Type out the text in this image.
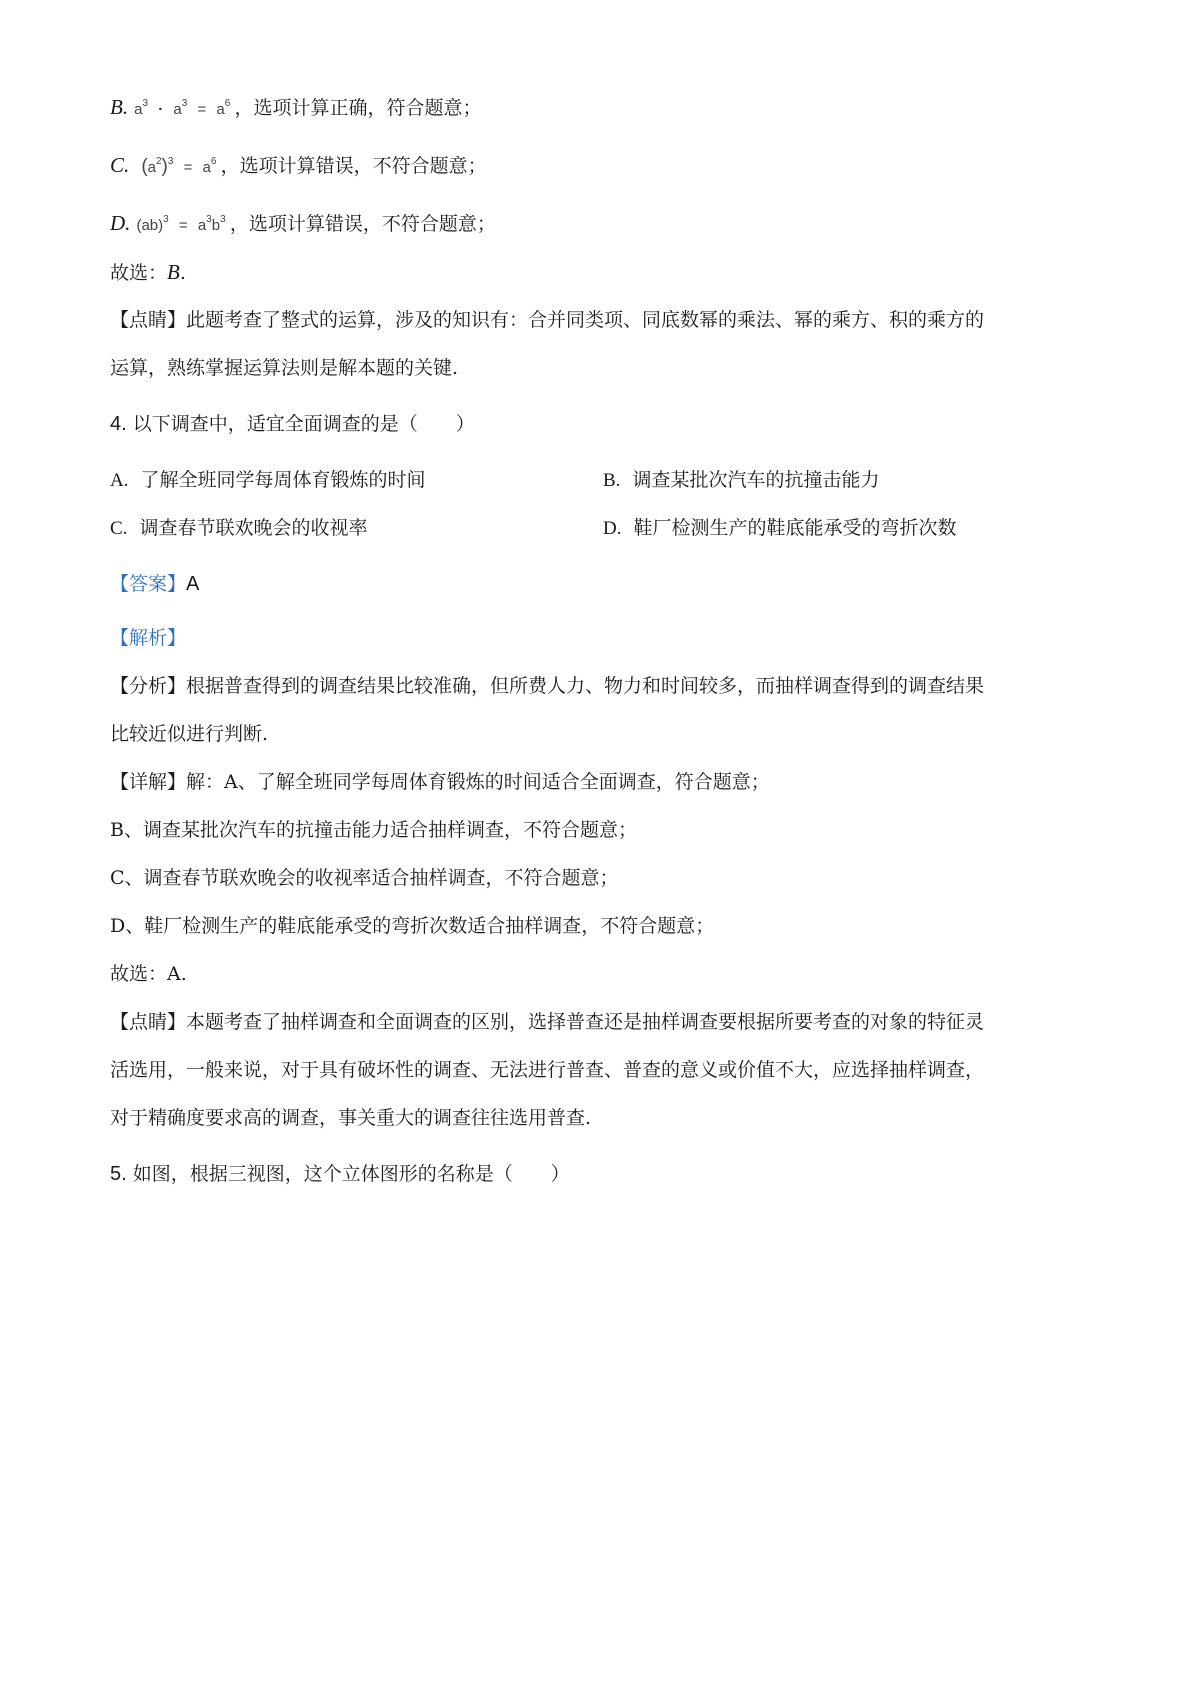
B. $a^3 \cdot a^3 = a^6$ ，选项计算正确，符合题意；
C. $(a^2)^3 = a^6$ ，选项计算错误，不符合题意；
D. $(ab)^3 = a^3b^3$ ，选项计算错误，不符合题意；
故选：B.
【点睛】此题考查了整式的运算，涉及的知识有：合并同类项、同底数幂的乘法、幂的乘方、积的乘方的
运算，熟练掌握运算法则是解本题的关键.
4. 以下调查中，适宜全面调查的是（　　）
A. 了解全班同学每周体育锻炼的时间	B. 调查某批次汽车的抗撞击能力
C. 调查春节联欢晚会的收视率	D. 鞋厂检测生产的鞋底能承受的弯折次数
【答案】A
【解析】
【分析】根据普查得到的调查结果比较准确，但所费人力、物力和时间较多，而抽样调查得到的调查结果
比较近似进行判断.
【详解】解：A、了解全班同学每周体育锻炼的时间适合全面调查，符合题意；
B、调查某批次汽车的抗撞击能力适合抽样调查，不符合题意；
C、调查春节联欢晚会的收视率适合抽样调查，不符合题意；
D、鞋厂检测生产的鞋底能承受的弯折次数适合抽样调查，不符合题意；
故选：A.
【点睛】本题考查了抽样调查和全面调查的区别，选择普查还是抽样调查要根据所要考查的对象的特征灵
活选用，一般来说，对于具有破坏性的调查、无法进行普查、普查的意义或价值不大，应选择抽样调查，
对于精确度要求高的调查，事关重大的调查往往选用普查.
5. 如图，根据三视图，这个立体图形的名称是（　　）
